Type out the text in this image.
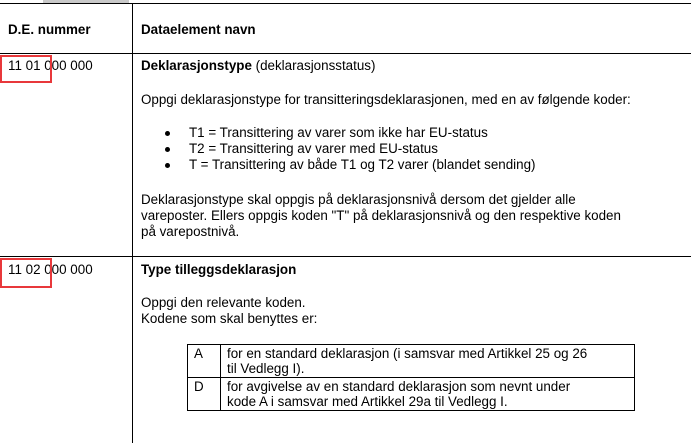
D.E. nummer	Dataelement navn
11 01 000 000	Deklarasjonstype (deklarasjonsstatus)
Oppgi deklarasjonstype for transitteringsdeklarasjonen, med en av følgende koder:
T1 = Transittering av varer som ikke har EU-status
T2 = Transittering av varer med EU-status
T = Transittering av både T1 og T2 varer (blandet sending)
Deklarasjonstype skal oppgis på deklarasjonsnivå dersom det gjelder alle
vareposter. Ellers oppgis koden "T" på deklarasjonsnivå og den respektive koden
på varepostnivå.
11 02 000 000	Type tilleggsdeklarasjon
Oppgi den relevante koden.
Kodene som skal benyttes er:
A	for en standard deklarasjon (i samsvar med Artikkel 25 og 26
til Vedlegg I).

D	for avgivelse av en standard deklarasjon som nevnt under
kode A i samsvar med Artikkel 29a til Vedlegg I.
